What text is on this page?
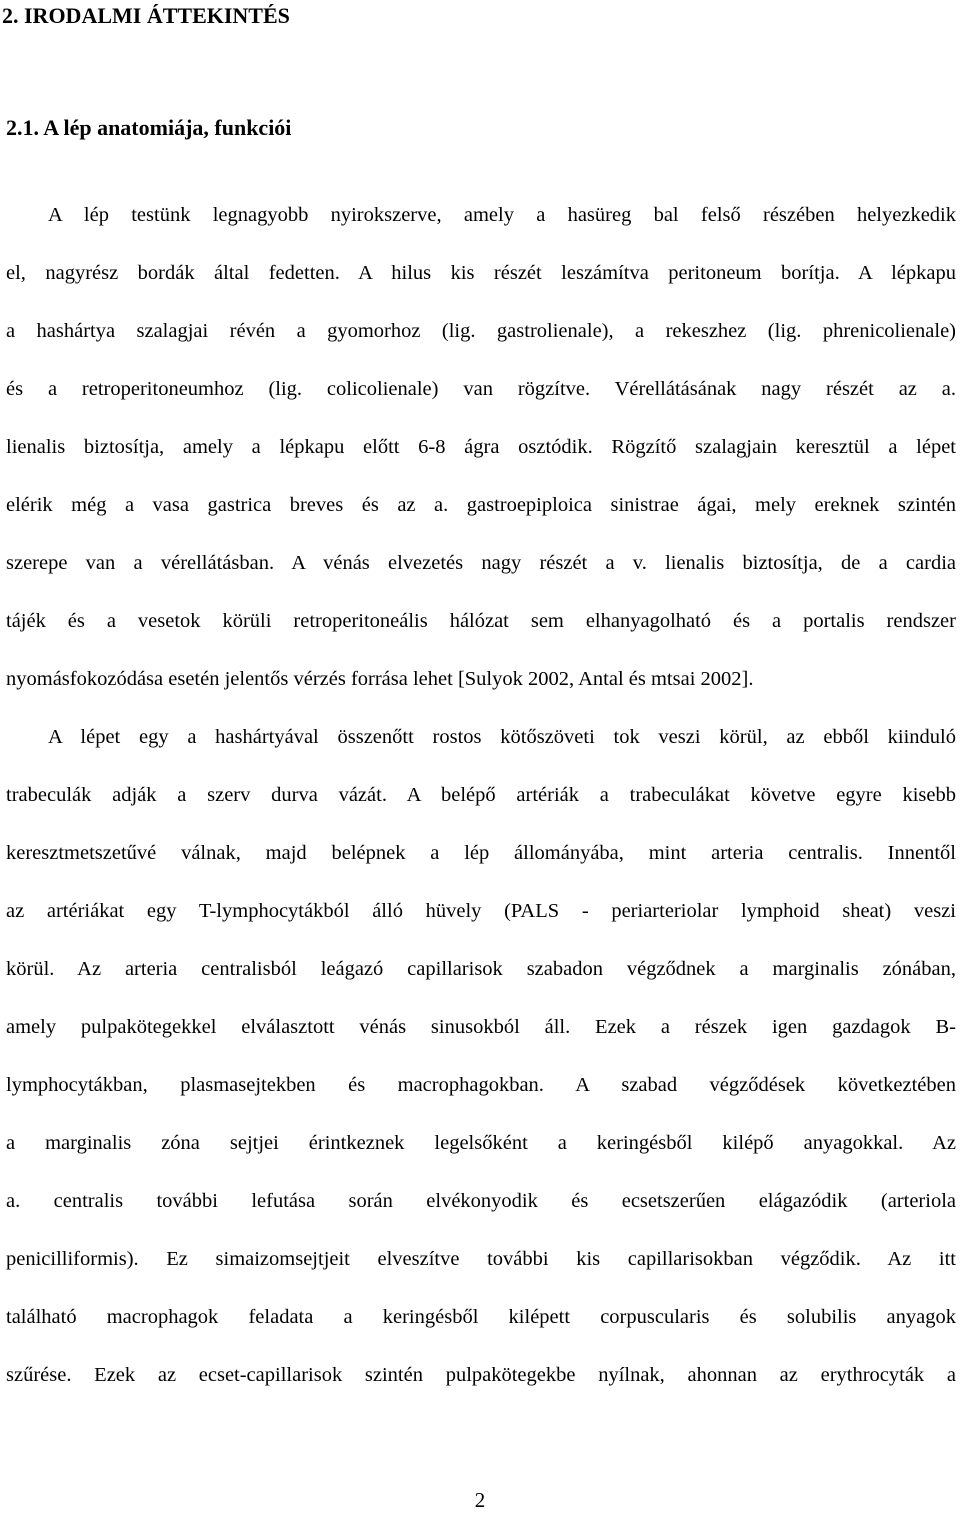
2. IRODALMI ÁTTEKINTÉS
2.1. A lép anatomiája, funkciói
A lép testünk legnagyobb nyirokszerve, amely a hasüreg bal felső részében helyezkedik
el, nagyrész bordák által fedetten. A hilus kis részét leszámítva peritoneum borítja. A lépkapu
a hashártya szalagjai révén a gyomorhoz (lig. gastrolienale), a rekeszhez (lig. phrenicolienale)
és a retroperitoneumhoz (lig. colicolienale) van rögzítve. Vérellátásának nagy részét az a.
lienalis biztosítja, amely a lépkapu előtt 6-8 ágra osztódik. Rögzítő szalagjain keresztül a lépet
elérik még a vasa gastrica breves és az a. gastroepiploica sinistrae ágai, mely ereknek szintén
szerepe van a vérellátásban. A vénás elvezetés nagy részét a v. lienalis biztosítja, de a cardia
tájék és a vesetok körüli retroperitoneális hálózat sem elhanyagolható és a portalis rendszer
nyomásfokozódása esetén jelentős vérzés forrása lehet [Sulyok 2002, Antal és mtsai 2002].
A lépet egy a hashártyával összenőtt rostos kötőszöveti tok veszi körül, az ebből kiinduló
trabeculák adják a szerv durva vázát. A belépő artériák a trabeculákat követve egyre kisebb
keresztmetszetűvé válnak, majd belépnek a lép állományába, mint arteria centralis. Innentől
az artériákat egy T-lymphocytákból álló hüvely (PALS - periarteriolar lymphoid sheat) veszi
körül. Az arteria centralisból leágazó capillarisok szabadon végződnek a marginalis zónában,
amely pulpakötegekkel elválasztott vénás sinusokból áll. Ezek a részek igen gazdagok B-
lymphocytákban, plasmasejtekben és macrophagokban. A szabad végződések következtében
a marginalis zóna sejtjei érintkeznek legelsőként a keringésből kilépő anyagokkal. Az
a. centralis további lefutása során elvékonyodik és ecsetszerűen elágazódik (arteriola
penicilliformis). Ez simaizomsejtjeit elveszítve további kis capillarisokban végződik. Az itt
található macrophagok feladata a keringésből kilépett corpuscularis és solubilis anyagok
szűrése. Ezek az ecset-capillarisok szintén pulpakötegekbe nyílnak, ahonnan az erythrocyták a

2
